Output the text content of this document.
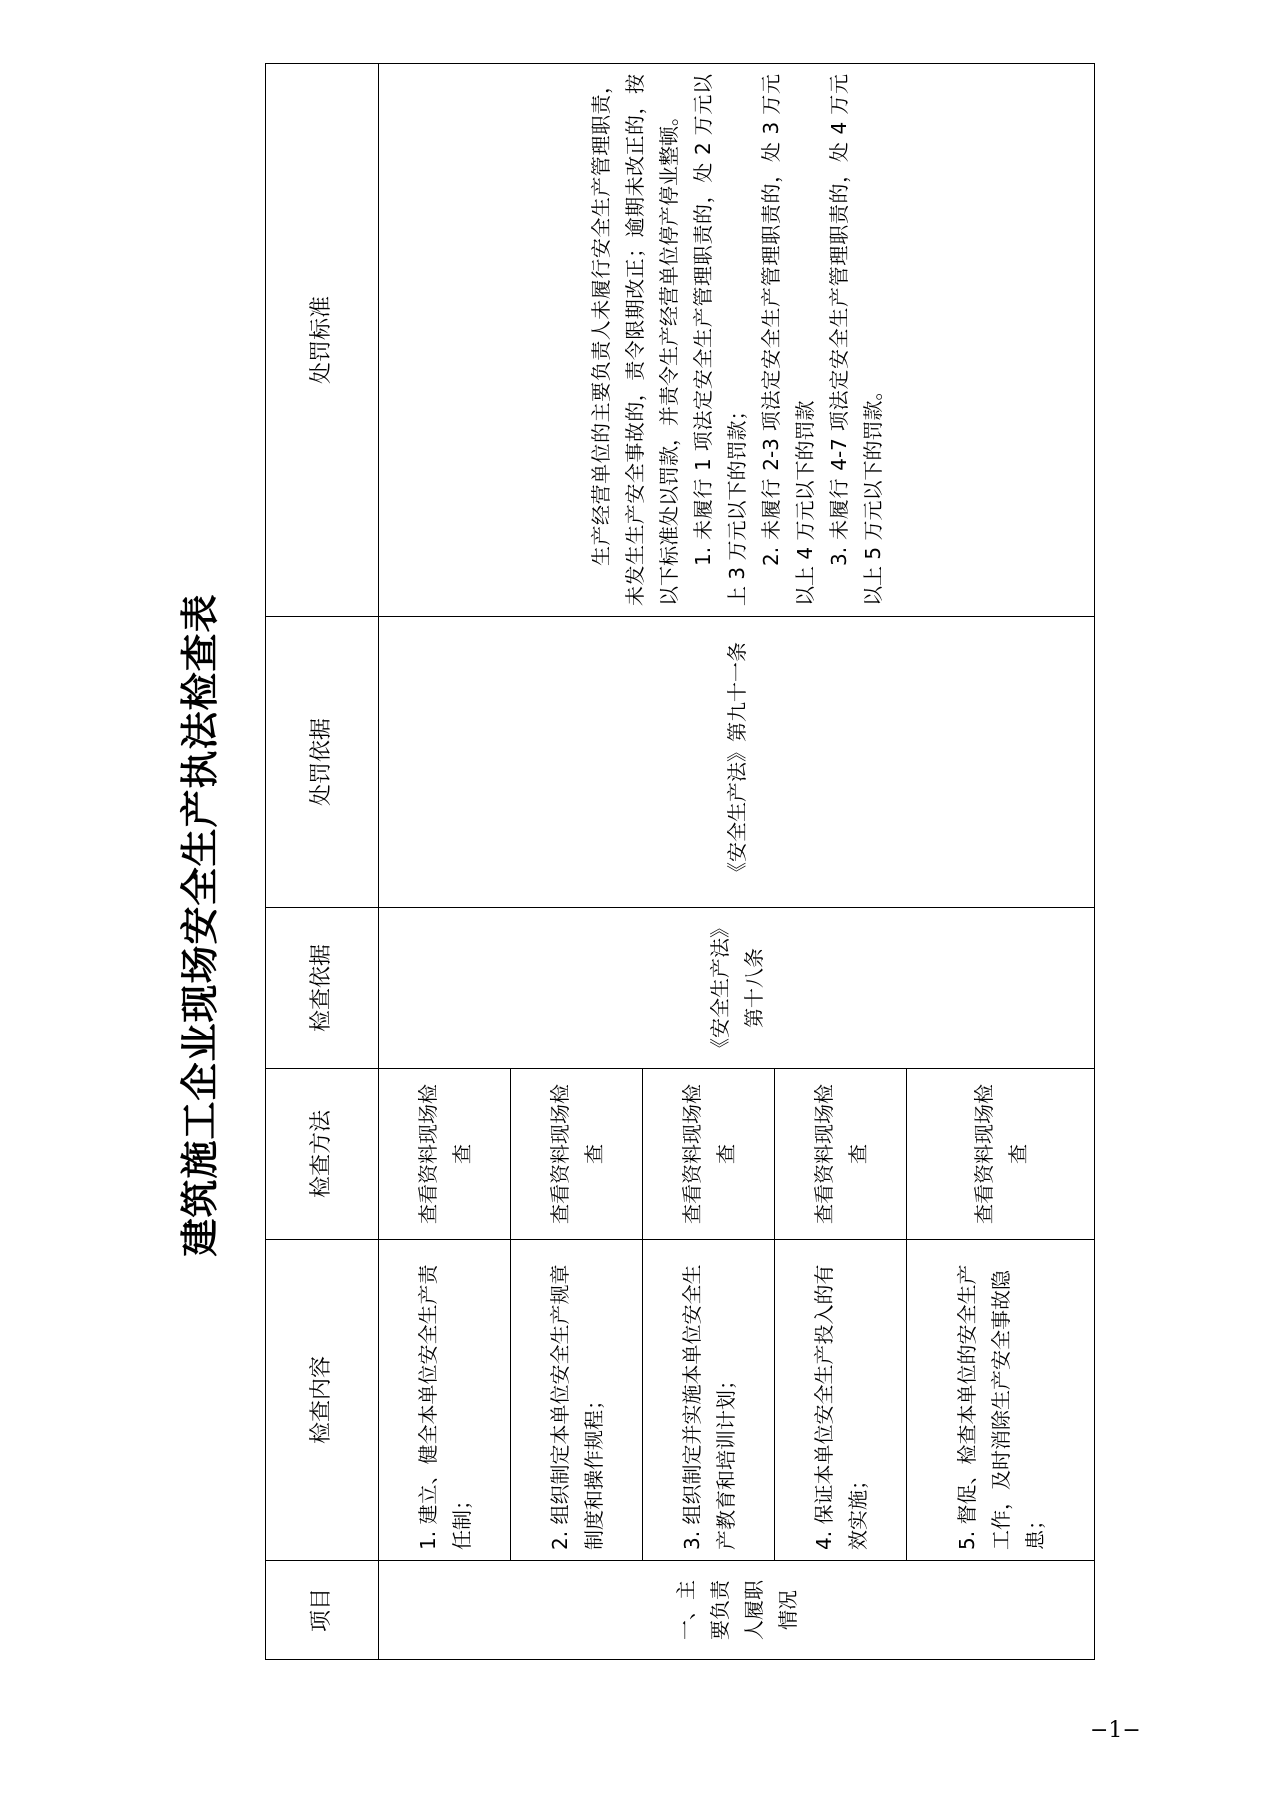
建筑施工企业现场安全生产执法检查表
项目	检查内容	检查方法	检查依据	处罚依据	处罚标准
一、主要负责人履职情况	1. 建立、健全本单位安全生产责任制；	查看资料现场检查	《安全生产法》第十八条	《安全生产法》第九十一条	生产经营单位的主要负责人未履行安全生产管理职责，未发生生产安全事故的，责令限期改正；逾期未改正的，按以下标准处以罚款，并责令生产经营单位停产停业整顿。 1. 未履行 1 项法定安全生产管理职责的，处 2 万元以上 3 万元以下的罚款； 2. 未履行 2-3 项法定安全生产管理职责的，处 3 万元以上 4 万元以下的罚款 3. 未履行 4-7 项法定安全生产管理职责的，处 4 万元以上 5 万元以下的罚款。

	2. 组织制定本单位安全生产规章制度和操作规程；	查看资料现场检查			
	3. 组织制定并实施本单位安全生产教育和培训计划；	查看资料现场检查			
	4. 保证本单位安全生产投入的有效实施；	查看资料现场检查			
	5. 督促、检查本单位的安全生产工作，及时消除生产安全事故隐患；	查看资料现场检查			
−1−
